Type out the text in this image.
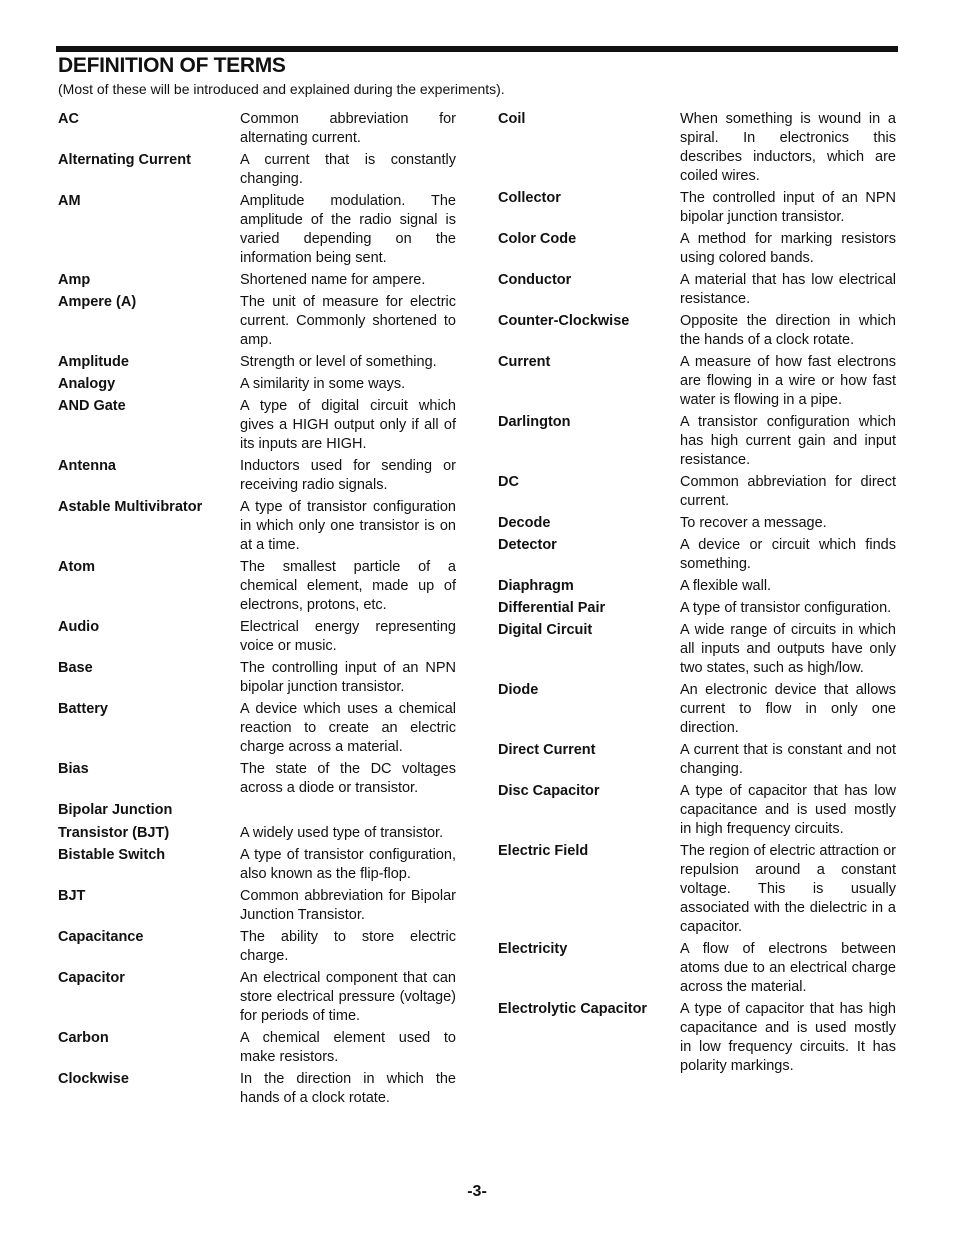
DEFINITION OF TERMS
(Most of these will be introduced and explained during the experiments).
AC	Common abbreviation for alternating current.
Alternating Current	A current that is constantly changing.
AM	Amplitude modulation. The amplitude of the radio signal is varied depending on the information being sent.
Amp	Shortened name for ampere.
Ampere (A)	The unit of measure for electric current. Commonly shortened to amp.
Amplitude	Strength or level of something.
Analogy	A similarity in some ways.
AND Gate	A type of digital circuit which gives a HIGH output only if all of its inputs are HIGH.
Antenna	Inductors used for sending or receiving radio signals.
Astable Multivibrator	A type of transistor configuration in which only one transistor is on at a time.
Atom	The smallest particle of a chemical element, made up of electrons, protons, etc.
Audio	Electrical energy representing voice or music.
Base	The controlling input of an NPN bipolar junction transistor.
Battery	A device which uses a chemical reaction to create an electric charge across a material.
Bias	The state of the DC voltages across a diode or transistor.
Bipolar Junction
Transistor (BJT)	A widely used type of transistor.
Bistable Switch	A type of transistor configuration, also known as the flip-flop.
BJT	Common abbreviation for Bipolar Junction Transistor.
Capacitance	The ability to store electric charge.
Capacitor	An electrical component that can store electrical pressure (voltage) for periods of time.
Carbon	A chemical element used to make resistors.
Clockwise	In the direction in which the hands of a clock rotate.
Coil	When something is wound in a spiral. In electronics this describes inductors, which are coiled wires.
Collector	The controlled input of an NPN bipolar junction transistor.
Color Code	A method for marking resistors using colored bands.
Conductor	A material that has low electrical resistance.
Counter-Clockwise	Opposite the direction in which the hands of a clock rotate.
Current	A measure of how fast electrons are flowing in a wire or how fast water is flowing in a pipe.
Darlington	A transistor configuration which has high current gain and input resistance.
DC	Common abbreviation for direct current.
Decode	To recover a message.
Detector	A device or circuit which finds something.
Diaphragm	A flexible wall.
Differential Pair	A type of transistor configuration.
Digital Circuit	A wide range of circuits in which all inputs and outputs have only two states, such as high/low.
Diode	An electronic device that allows current to flow in only one direction.
Direct Current	A current that is constant and not changing.
Disc Capacitor	A type of capacitor that has low capacitance and is used mostly in high frequency circuits.
Electric Field	The region of electric attraction or repulsion around a constant voltage. This is usually associated with the dielectric in a capacitor.
Electricity	A flow of electrons between atoms due to an electrical charge across the material.
Electrolytic Capacitor	A type of capacitor that has high capacitance and is used mostly in low frequency circuits. It has polarity markings.
-3-
